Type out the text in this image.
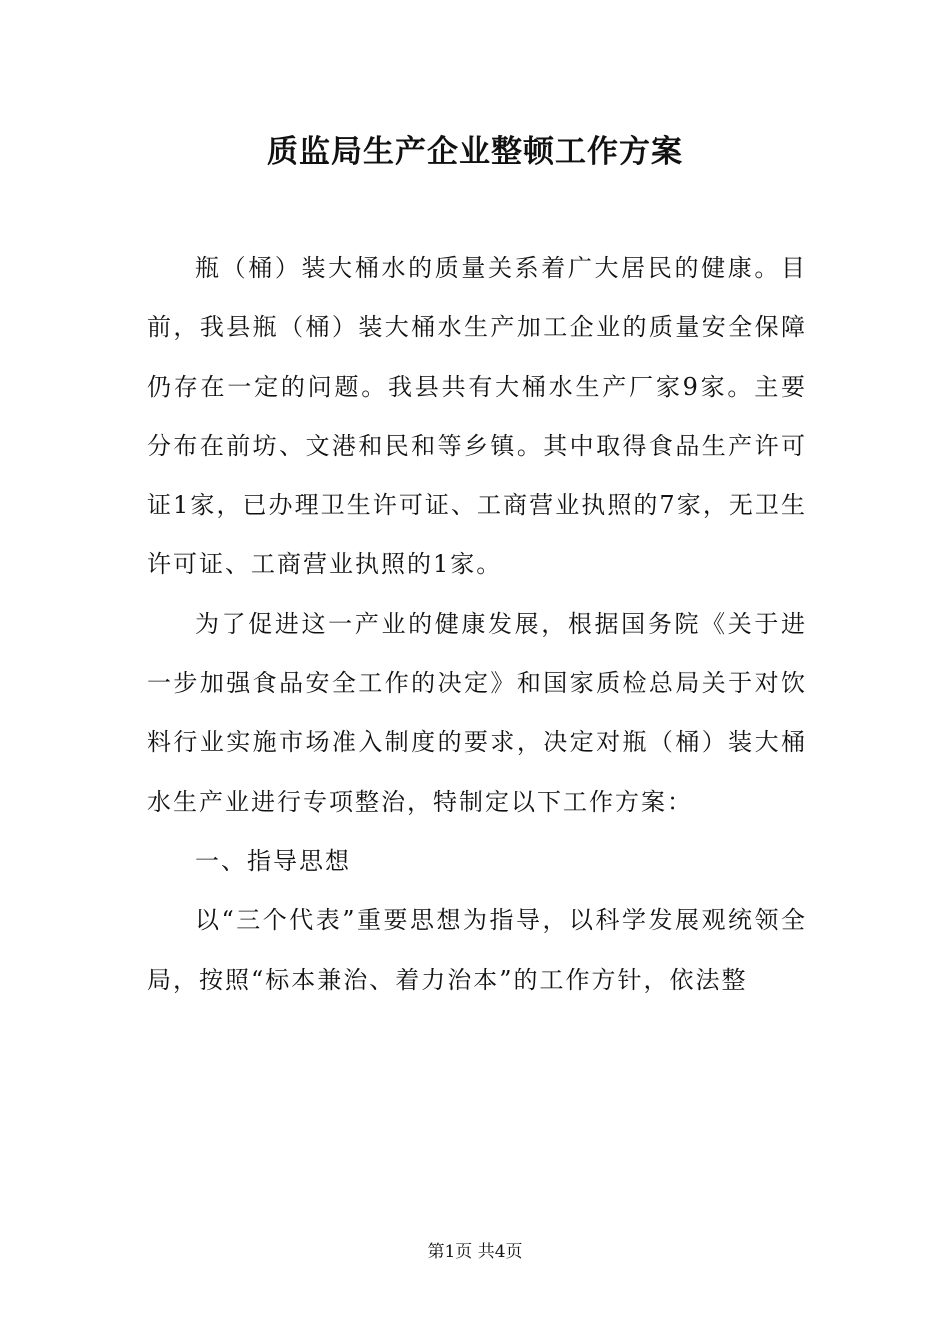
质监局生产企业整顿工作方案

瓶（桶）装大桶水的质量关系着广大居民的健康。目前，我县瓶（桶）装大桶水生产加工企业的质量安全保障仍存在一定的问题。我县共有大桶水生产厂家9家。主要分布在前坊、文港和民和等乡镇。其中取得食品生产许可证1家，已办理卫生许可证、工商营业执照的7家，无卫生许可证、工商营业执照的1家。

为了促进这一产业的健康发展，根据国务院《关于进一步加强食品安全工作的决定》和国家质检总局关于对饮料行业实施市场准入制度的要求，决定对瓶（桶）装大桶水生产业进行专项整治，特制定以下工作方案：

一、指导思想

以“三个代表”重要思想为指导，以科学发展观统领全局，按照“标本兼治、着力治本”的工作方针，依法整

第1页 共4页
